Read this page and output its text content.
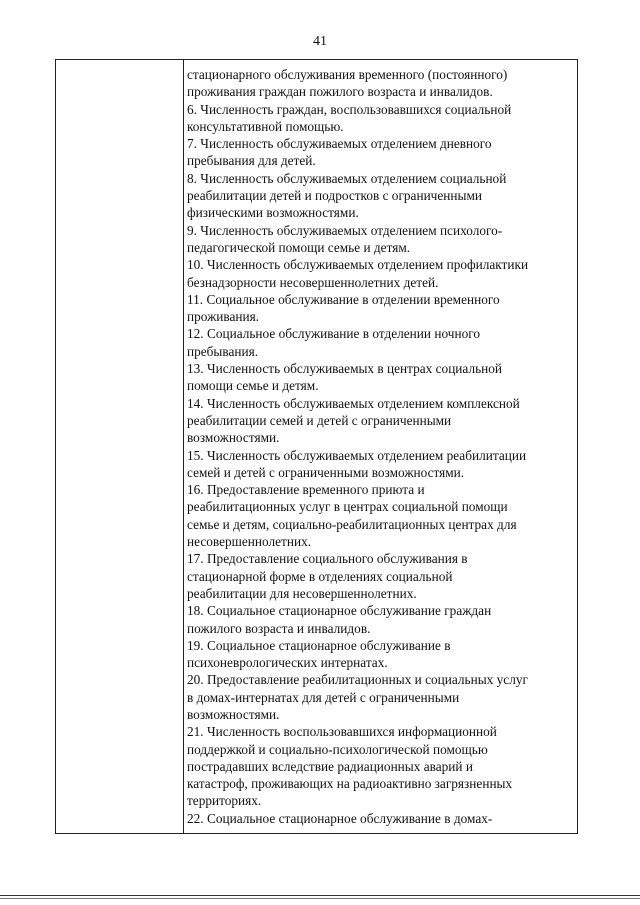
41
стационарного обслуживания временного (постоянного)
проживания граждан пожилого возраста и инвалидов.
6. Численность граждан, воспользовавшихся социальной
консультативной помощью.
7. Численность обслуживаемых отделением дневного
пребывания для детей.
8. Численность обслуживаемых отделением социальной
реабилитации детей и подростков с ограниченными
физическими возможностями.
9. Численность обслуживаемых отделением психолого-
педагогической помощи семье и детям.
10. Численность обслуживаемых отделением профилактики
безнадзорности несовершеннолетних детей.
11. Социальное обслуживание в отделении временного
проживания.
12. Социальное обслуживание в отделении ночного
пребывания.
13. Численность обслуживаемых в центрах социальной
помощи семье и детям.
14. Численность обслуживаемых отделением комплексной
реабилитации семей и детей с ограниченными
возможностями.
15. Численность обслуживаемых отделением реабилитации
семей и детей с ограниченными возможностями.
16. Предоставление временного приюта и
реабилитационных услуг в центрах социальной помощи
семье и детям, социально-реабилитационных центрах для
несовершеннолетних.
17. Предоставление социального обслуживания в
стационарной форме в отделениях социальной
реабилитации для несовершеннолетних.
18. Социальное стационарное обслуживание граждан
пожилого возраста и инвалидов.
19. Социальное стационарное обслуживание в
психоневрологических интернатах.
20. Предоставление реабилитационных и социальных услуг
в домах-интернатах для детей с ограниченными
возможностями.
21. Численность воспользовавшихся информационной
поддержкой и социально-психологической помощью
пострадавших вследствие радиационных аварий и
катастроф, проживающих на радиоактивно загрязненных
территориях.
22. Социальное стационарное обслуживание в домах-
